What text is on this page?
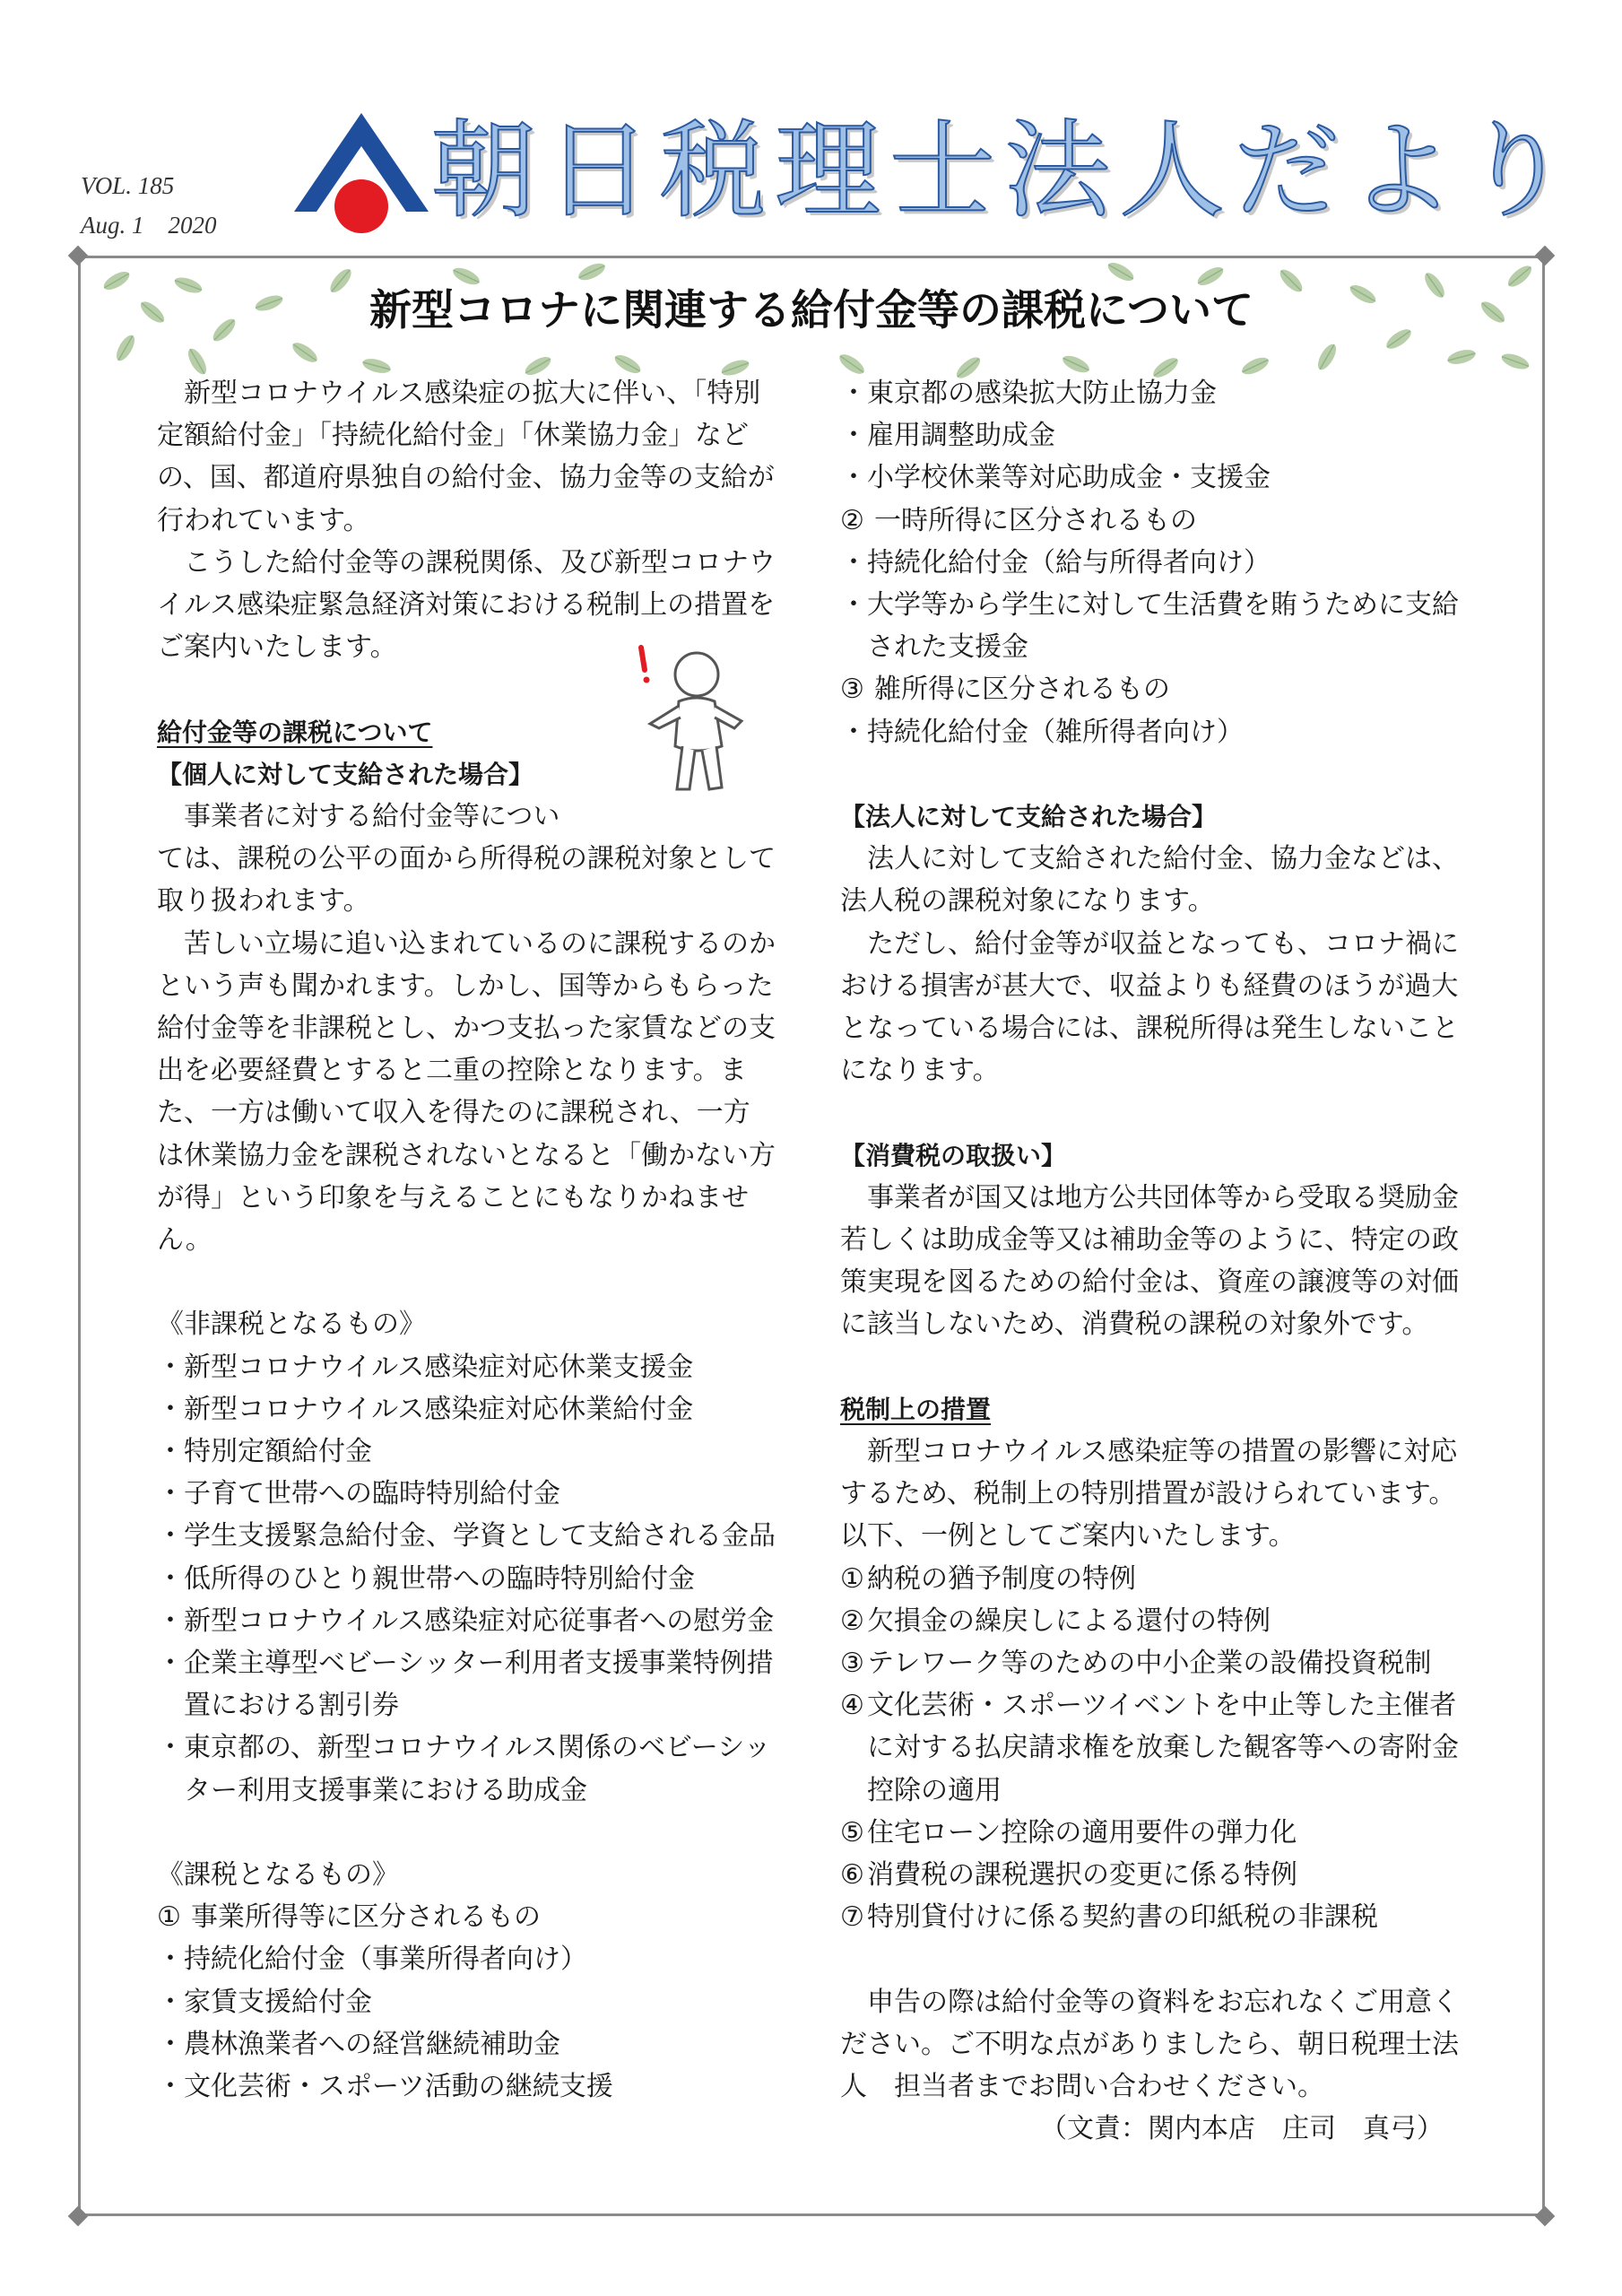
VOL. 185
Aug. 1　2020 朝日税理士法人だより
新型コロナに関連する給付金等の課税について

新型コロナウイルス感染症の拡大に伴い、「特別定額給付金」「持続化給付金」「休業協力金」などの、国、都道府県独自の給付金、協力金等の支給が行われています。

こうした給付金等の課税関係、及び新型コロナウイルス感染症緊急経済対策における税制上の措置をご案内いたします。

給付金等の課税について

【個人に対して支給された場合】

事業者に対する給付金等につい

ては、課税の公平の面から所得税の課税対象として取り扱われます。

苦しい立場に追い込まれているのに課税するのかという声も聞かれます。しかし、国等からもらった給付金等を非課税とし、かつ支払った家賃などの支出を必要経費とすると二重の控除となります。また、一方は働いて収入を得たのに課税され、一方は休業協力金を課税されないとなると「働かない方が得」という印象を与えることにもなりかねません。

《非課税となるもの》

・ 新型コロナウイルス感染症対応休業支援金
・ 新型コロナウイルス感染症対応休業給付金
・ 特別定額給付金
・ 子育て世帯への臨時特別給付金
・ 学生支援緊急給付金、学資として支給される金品
・ 低所得のひとり親世帯への臨時特別給付金
・ 新型コロナウイルス感染症対応従事者への慰労金
・ 企業主導型ベビーシッター利用者支援事業特例措置における割引券
・ 東京都の、新型コロナウイルス関係のベビーシッター利用支援事業における助成金

《課税となるもの》

① 事業所得等に区分されるもの
・ 持続化給付金（事業所得者向け）
・ 家賃支援給付金
・ 農林漁業者への経営継続補助金
・ 文化芸術・スポーツ活動の継続支援
・ 東京都の感染拡大防止協力金
・ 雇用調整助成金
・ 小学校休業等対応助成金・支援金
② 一時所得に区分されるもの
・ 持続化給付金（給与所得者向け）
・ 大学等から学生に対して生活費を賄うために支給された支援金
③ 雑所得に区分されるもの
・ 持続化給付金（雑所得者向け）

【法人に対して支給された場合】

法人に対して支給された給付金、協力金などは、法人税の課税対象になります。

ただし、給付金等が収益となっても、コロナ禍における損害が甚大で、収益よりも経費のほうが過大となっている場合には、課税所得は発生しないことになります。

【消費税の取扱い】

事業者が国又は地方公共団体等から受取る奨励金若しくは助成金等又は補助金等のように、特定の政策実現を図るための給付金は、資産の譲渡等の対価に該当しないため、消費税の課税の対象外です。

税制上の措置

新型コロナウイルス感染症等の措置の影響に対応するため、税制上の特別措置が設けられています。以下、一例としてご案内いたします。

① 納税の猶予制度の特例
② 欠損金の繰戻しによる還付の特例
③ テレワーク等のための中小企業の設備投資税制
④ 文化芸術・スポーツイベントを中止等した主催者に対する払戻請求権を放棄した観客等への寄附金控除の適用
⑤ 住宅ローン控除の適用要件の弾力化
⑥ 消費税の課税選択の変更に係る特例
⑦ 特別貸付けに係る契約書の印紙税の非課税

申告の際は給付金等の資料をお忘れなくご用意ください。ご不明な点がありましたら、朝日税理士法人　担当者までお問い合わせください。

（文責：関内本店　庄司　真弓）
